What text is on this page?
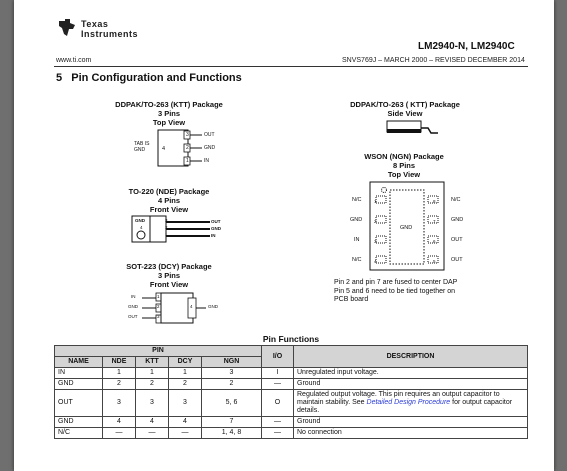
Texas
Instruments
LM2940-N, LM2940C
www.ti.com	SNVS769J – MARCH 2000 – REVISED DECEMBER 2014
5   Pin Configuration and Functions
DDPAK/TO-263 (KTT) Package
3 Pins
Top View
TAB IS
GND	4
3
2
1
OUT
GND
IN
DDPAK/TO-263 ( KTT) Package
Side View
TO-220 (NDE) Package
4 Pins
Front View
GND
4
3
2
1
OUT
GND
IN
SOT-223 (DCY) Package
3 Pins
Front View
IN
GND
OUT
1
2
3
4	GND
WSON (NGN) Package
8 Pins
Top View
1
2
3
4
8
7
6
5
N/C
GND
IN
N/C
N/C
GND
OUT
OUT
GND
Pin 2 and pin 7 are fused to center DAP
Pin 5 and 6 need to be tied together on
PCB board
Pin Functions
PIN					I/O	DESCRIPTION
NAME	NDE	KTT	DCY	NGN		
IN	1	1	1	3	I	Unregulated input voltage.
GND	2	2	2	2	—	Ground
OUT	3	3	3	5, 6	O	Regulated output voltage. This pin requires an output capacitor to maintain stability. See Detailed Design Procedure for output capacitor details.
GND	4	4	4	7	—	Ground
N/C	—	—	—	1, 4, 8	—	No connection
